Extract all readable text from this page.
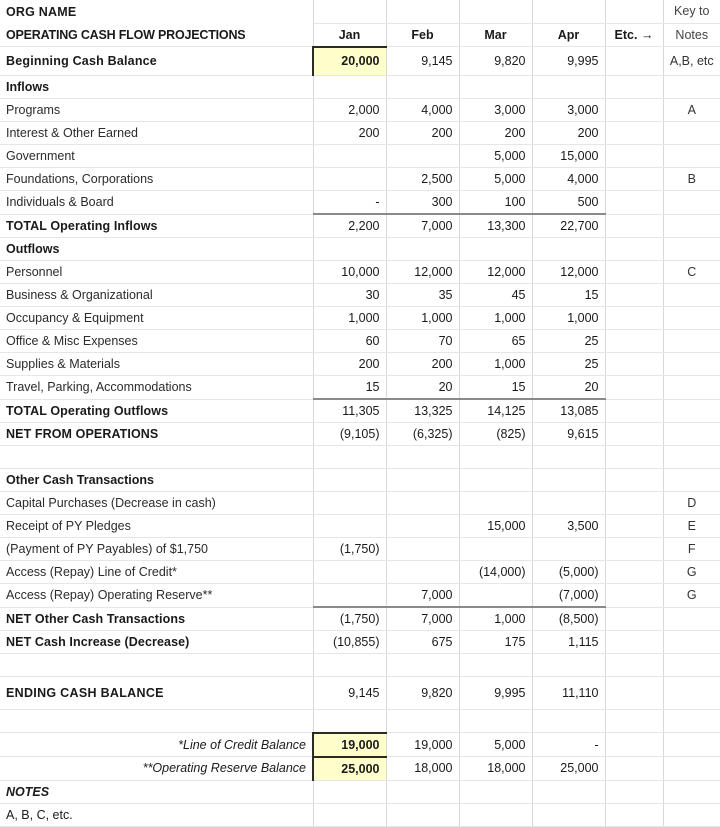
ORG NAME						Key to
OPERATING CASH FLOW PROJECTIONS	Jan	Feb	Mar	Apr	Etc. →	Notes
Beginning Cash Balance	20,000	9,145	9,820	9,995		A,B, etc
Inflows						
Programs	2,000	4,000	3,000	3,000		A
Interest & Other Earned	200	200	200	200		
Government			5,000	15,000		
Foundations, Corporations		2,500	5,000	4,000		B
Individuals & Board	-	300	100	500		
TOTAL Operating Inflows	2,200	7,000	13,300	22,700		
Outflows						
Personnel	10,000	12,000	12,000	12,000		C
Business & Organizational	30	35	45	15		
Occupancy & Equipment	1,000	1,000	1,000	1,000		
Office & Misc Expenses	60	70	65	25		
Supplies & Materials	200	200	1,000	25		
Travel, Parking, Accommodations	15	20	15	20		
TOTAL Operating Outflows	11,305	13,325	14,125	13,085		
NET FROM OPERATIONS	(9,105)	(6,325)	(825)	9,615		

Other Cash Transactions						
Capital Purchases (Decrease in cash)						D
Receipt of PY Pledges			15,000	3,500		E
(Payment of PY Payables) of $1,750	(1,750)					F
Access (Repay) Line of Credit*			(14,000)	(5,000)		G
Access (Repay) Operating Reserve**		7,000		(7,000)		G
NET Other Cash Transactions	(1,750)	7,000	1,000	(8,500)		
NET Cash Increase (Decrease)	(10,855)	675	175	1,115		

ENDING CASH BALANCE	9,145	9,820	9,995	11,110		

*Line of Credit Balance	19,000	19,000	5,000	-		
**Operating Reserve Balance	25,000	18,000	18,000	25,000		
NOTES						
A, B, C, etc.						
